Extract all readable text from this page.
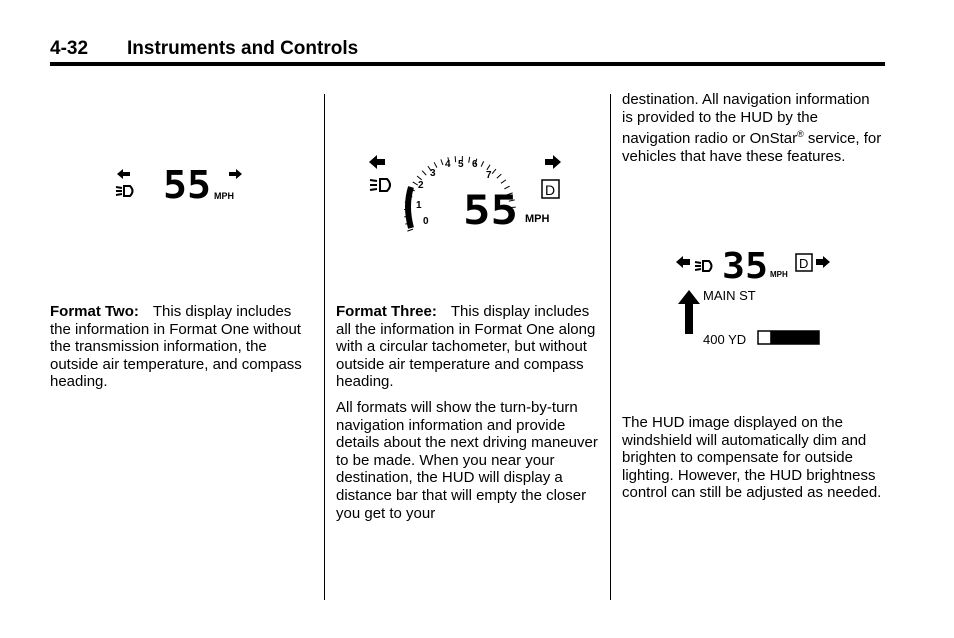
4-32 Instruments and Controls
55 MPH

Format Two: This display includes the information in Format One without the transmission information, the outside air temperature, and compass heading.

0
1
2
3
4 5 6
7
55 MPH
D

Format Three: This display includes all the information in Format One along with a circular tachometer, but without outside air temperature and compass heading.

All formats will show the turn-by-turn navigation information and provide details about the next driving maneuver to be made. When you near your destination, the HUD will display a distance bar that will empty the closer you get to your

destination. All navigation information is provided to the HUD by the navigation radio or OnStar® service, for vehicles that have these features.

35 MPH
D
MAIN ST
400 YD

The HUD image displayed on the windshield will automatically dim and brighten to compensate for outside lighting. However, the HUD brightness control can still be adjusted as needed.
